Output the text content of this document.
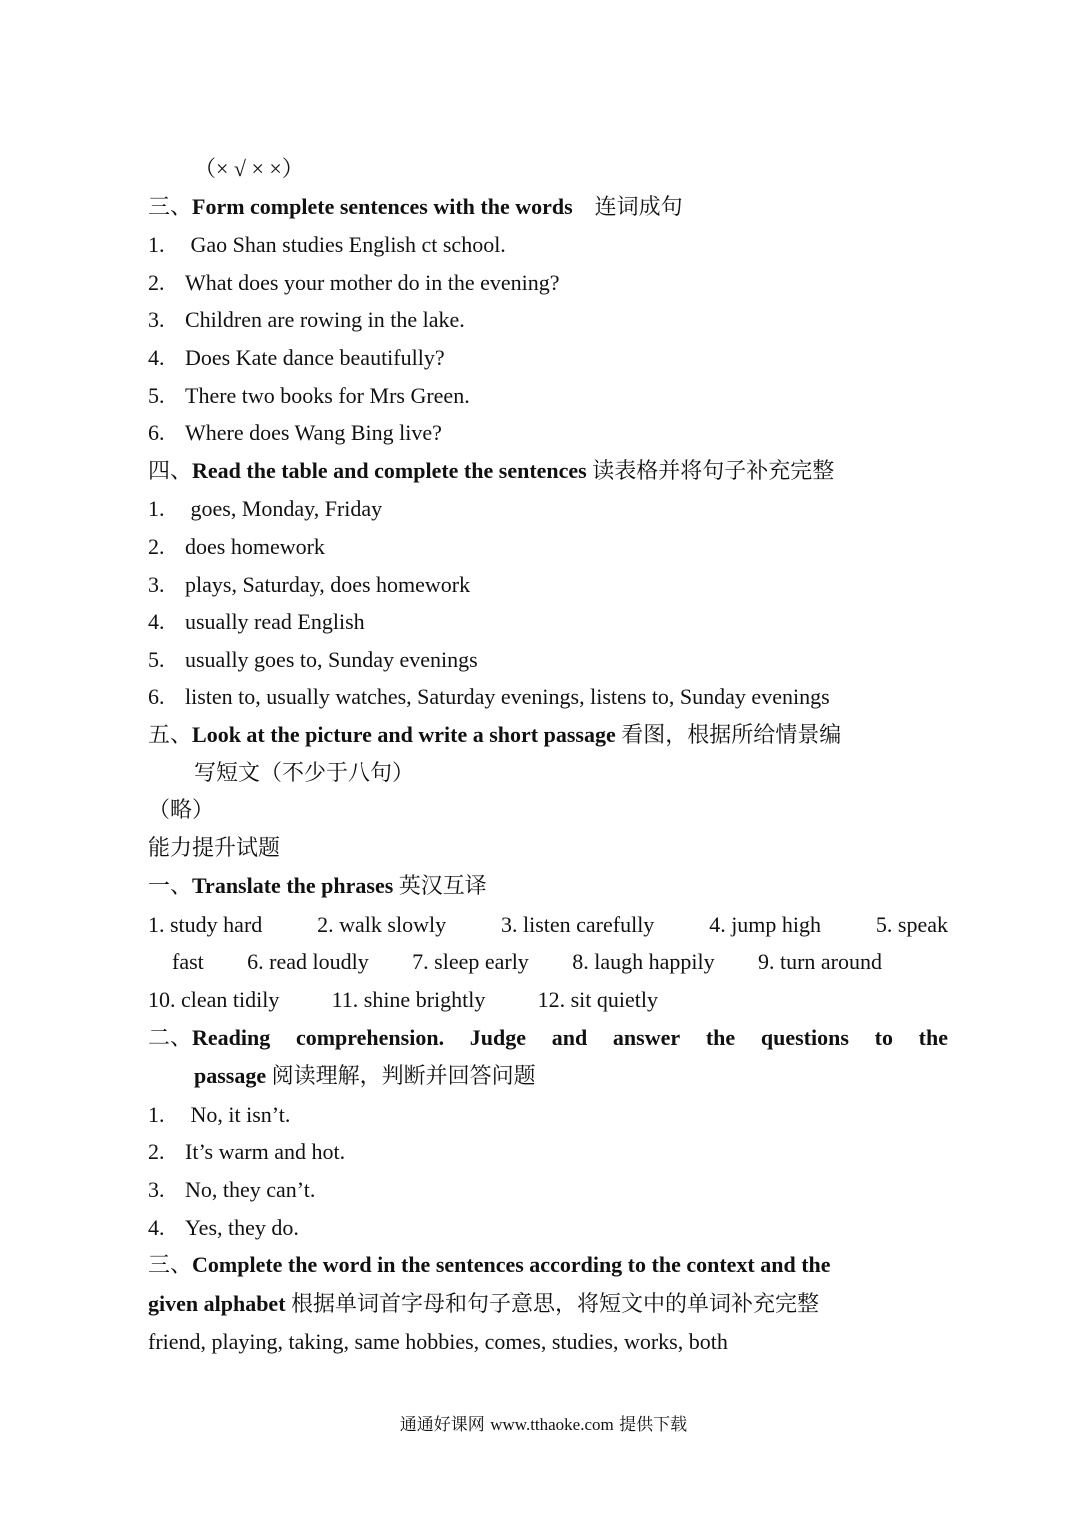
（× √ × ×）

三、Form complete sentences with the words 连词成句

1. Gao Shan studies English ct school.

2. What does your mother do in the evening?

3. Children are rowing in the lake.

4. Does Kate dance beautifully?

5. There two books for Mrs Green.

6. Where does Wang Bing live?

四、Read the table and complete the sentences 读表格并将句子补充完整

1. goes, Monday, Friday

2. does homework

3. plays, Saturday, does homework

4. usually read English

5. usually goes to, Sunday evenings

6. listen to, usually watches, Saturday evenings, listens to, Sunday evenings

五、Look at the picture and write a short passage 看图，根据所给情景编

写短文（不少于八句）

（略）

能力提升试题

一、Translate the phrases 英汉互译

1. study hard 2. walk slowly 3. listen carefully 4. jump high 5. speak
fast 6. read loudly 7. sleep early 8. laugh happily 9. turn around
10. clean tidily 11. shine brightly 12. sit quietly
二、Reading comprehension. Judge and answer the questions to the

passage 阅读理解，判断并回答问题

1. No, it isn’t.

2. It’s warm and hot.

3. No, they can’t.

4. Yes, they do.

三、Complete the word in the sentences according to the context and the

given alphabet 根据单词首字母和句子意思，将短文中的单词补充完整

friend, playing, taking, same hobbies, comes, studies, works, both

通通好课网 www.tthaoke.com 提供下载
